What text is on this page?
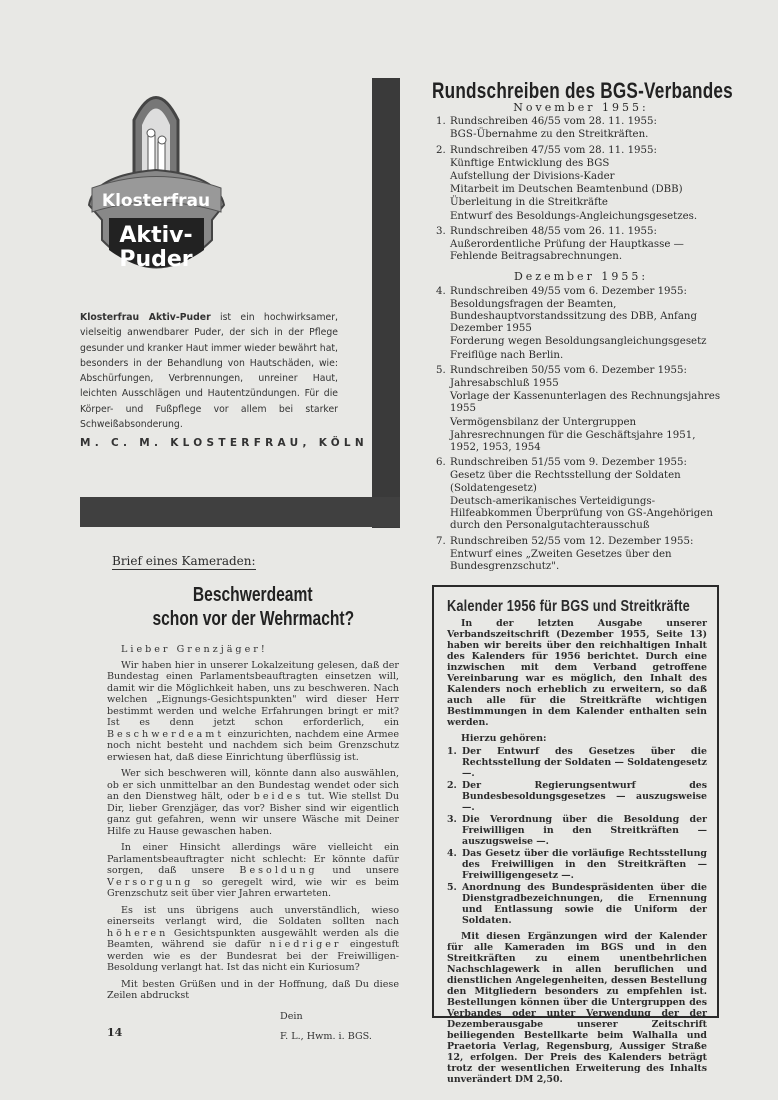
Klosterfrau
Aktiv-
Puder
Klosterfrau Aktiv-Puder ist ein hochwirksamer, vielseitig anwendbarer Puder, der sich in der Pflege gesunder und kranker Haut immer wieder bewährt hat, besonders in der Behandlung von Hautschäden, wie: Abschürfungen, Verbrennungen, unreiner Haut, leichten Ausschlägen und Hautentzündungen. Für die Körper- und Fußpflege vor allem bei starker Schweißabsonderung.
M. C. M. KLOSTERFRAU, KÖLN
Rundschreiben des BGS-Verbandes
November 1955:
1. Rundschreiben 46/55 vom 28. 11. 1955:
BGS-Übernahme zu den Streitkräften.
2. Rundschreiben 47/55 vom 28. 11. 1955:
Künftige Entwicklung des BGS
Aufstellung der Divisions-Kader
Mitarbeit im Deutschen Beamtenbund (DBB)
Überleitung in die Streitkräfte
Entwurf des Besoldungs-Angleichungsgesetzes.
3. Rundschreiben 48/55 vom 26. 11. 1955:
Außerordentliche Prüfung der Hauptkasse — Fehlende Beitragsabrechnungen.
Dezember 1955:
4. Rundschreiben 49/55 vom 6. Dezember 1955:
Besoldungsfragen der Beamten, Bundeshauptvorstandssitzung des DBB, Anfang Dezember 1955
Forderung wegen Besoldungsangleichungsgesetz
Freiflüge nach Berlin.
5. Rundschreiben 50/55 vom 6. Dezember 1955:
Jahresabschluß 1955
Vorlage der Kassenunterlagen des Rechnungsjahres 1955
Vermögensbilanz der Untergruppen
Jahresrechnungen für die Geschäftsjahre 1951, 1952, 1953, 1954
6. Rundschreiben 51/55 vom 9. Dezember 1955:
Gesetz über die Rechtsstellung der Soldaten (Soldatengesetz)
Deutsch-amerikanisches Verteidigungs-Hilfeabkommen Überprüfung von GS-Angehörigen durch den Personalgutachterausschuß
7. Rundschreiben 52/55 vom 12. Dezember 1955:
Entwurf eines „Zweiten Gesetzes über den Bundesgrenzschutz".
Kalender 1956 für BGS und Streitkräfte

In der letzten Ausgabe unserer Verbandszeitschrift (Dezember 1955, Seite 13) haben wir bereits über den reichhaltigen Inhalt des Kalenders für 1956 berichtet. Durch eine inzwischen mit dem Verband getroffene Vereinbarung war es möglich, den Inhalt des Kalenders noch erheblich zu erweitern, so daß auch alle für die Streitkräfte wichtigen Bestimmungen in dem Kalender enthalten sein werden.

Hierzu gehören:

1. Der Entwurf des Gesetzes über die Rechtsstellung der Soldaten — Soldatengesetz —.
2. Der Regierungsentwurf des Bundesbesoldungsgesetzes — auszugsweise —.
3. Die Verordnung über die Besoldung der Freiwilligen in den Streitkräften — auszugsweise —.
4. Das Gesetz über die vorläufige Rechtsstellung des Freiwilligen in den Streitkräften — Freiwilligengesetz —.
5. Anordnung des Bundespräsidenten über die Dienstgradbezeichnungen, die Ernennung und Entlassung sowie die Uniform der Soldaten.

Mit diesen Ergänzungen wird der Kalender für alle Kameraden im BGS und in den Streitkräften zu einem unentbehrlichen Nachschlagewerk in allen beruflichen und dienstlichen Angelegenheiten, dessen Bestellung den Mitgliedern besonders zu empfehlen ist. Bestellungen können über die Untergruppen des Verbandes oder unter Verwendung der der Dezemberausgabe unserer Zeitschrift beiliegenden Bestellkarte beim Walhalla und Praetoria Verlag, Regensburg, Aussiger Straße 12, erfolgen. Der Preis des Kalenders beträgt trotz der wesentlichen Erweiterung des Inhalts unverändert DM 2,50.

Brief eines Kameraden:
Beschwerdeamt
schon vor der Wehrmacht?
Lieber Grenzjäger!

Wir haben hier in unserer Lokalzeitung gelesen, daß der Bundestag einen Parlamentsbeauftragten einsetzen will, damit wir die Möglichkeit haben, uns zu beschweren. Nach welchen „Eignungs-Gesichtspunkten" wird dieser Herr bestimmt werden und welche Erfahrungen bringt er mit? Ist es denn jetzt schon erforderlich, ein Beschwerdeamt einzurichten, nachdem eine Armee noch nicht besteht und nachdem sich beim Grenzschutz erwiesen hat, daß diese Einrichtung überflüssig ist.

Wer sich beschweren will, könnte dann also auswählen, ob er sich unmittelbar an den Bundestag wendet oder sich an den Dienstweg hält, oder beides tut. Wie stellst Du Dir, lieber Grenzjäger, das vor? Bisher sind wir eigentlich ganz gut gefahren, wenn wir unsere Wäsche mit Deiner Hilfe zu Hause gewaschen haben.

In einer Hinsicht allerdings wäre vielleicht ein Parlamentsbeauftragter nicht schlecht: Er könnte dafür sorgen, daß unsere Besoldung und unsere Versorgung so geregelt wird, wie wir es beim Grenzschutz seit über vier Jahren erwarteten.

Es ist uns übrigens auch unverständlich, wieso einerseits verlangt wird, die Soldaten sollten nach höheren Gesichtspunkten ausgewählt werden als die Beamten, während sie dafür niedriger eingestuft werden wie es der Bundesrat bei der Freiwilligen-Besoldung verlangt hat. Ist das nicht ein Kuriosum?

Mit besten Grüßen und in der Hoffnung, daß Du diese Zeilen abdruckst

Dein
F. L., Hwm. i. BGS.
14
